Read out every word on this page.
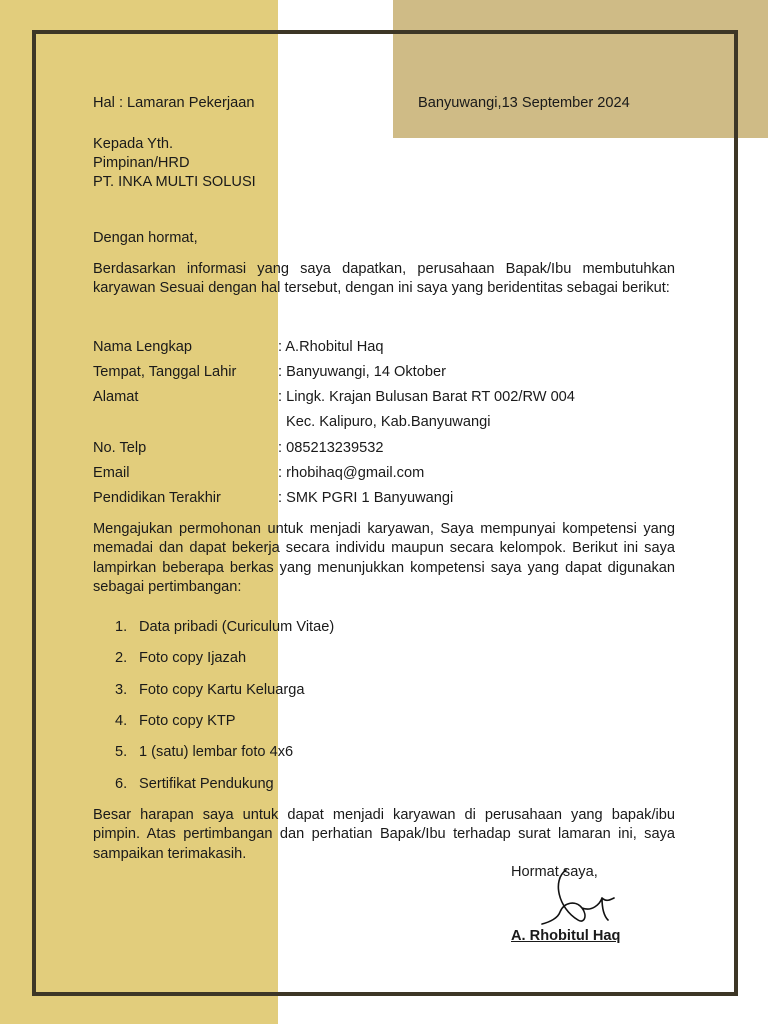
Hal : Lamaran Pekerjaan	Banyuwangi,13 September 2024
Kepada Yth.
Pimpinan/HRD
PT. INKA MULTI SOLUSI
Dengan hormat,
Berdasarkan informasi yang saya dapatkan, perusahaan Bapak/Ibu membutuhkan karyawan Sesuai dengan hal tersebut, dengan ini saya yang beridentitas sebagai berikut:
Nama Lengkap	: A.Rhobitul Haq
Tempat, Tanggal Lahir	: Banyuwangi, 14 Oktober
Alamat	: Lingk. Krajan Bulusan Barat RT 002/RW 004
Kec. Kalipuro, Kab.Banyuwangi
No. Telp	: 085213239532
Email	: rhobihaq@gmail.com
Pendidikan Terakhir	: SMK PGRI 1 Banyuwangi
Mengajukan permohonan untuk menjadi karyawan, Saya mempunyai kompetensi yang memadai dan dapat bekerja secara individu maupun secara kelompok. Berikut ini saya lampirkan beberapa berkas yang menunjukkan kompetensi saya yang dapat digunakan sebagai pertimbangan:
1. Data pribadi (Curiculum Vitae)
2. Foto copy Ijazah
3. Foto copy Kartu Keluarga
4. Foto copy KTP
5. 1 (satu) lembar foto 4x6
6. Sertifikat Pendukung
Besar harapan saya untuk dapat menjadi karyawan di perusahaan yang bapak/ibu pimpin. Atas pertimbangan dan perhatian Bapak/Ibu terhadap surat lamaran ini, saya sampaikan terimakasih.
Hormat saya,
A. Rhobitul Haq
